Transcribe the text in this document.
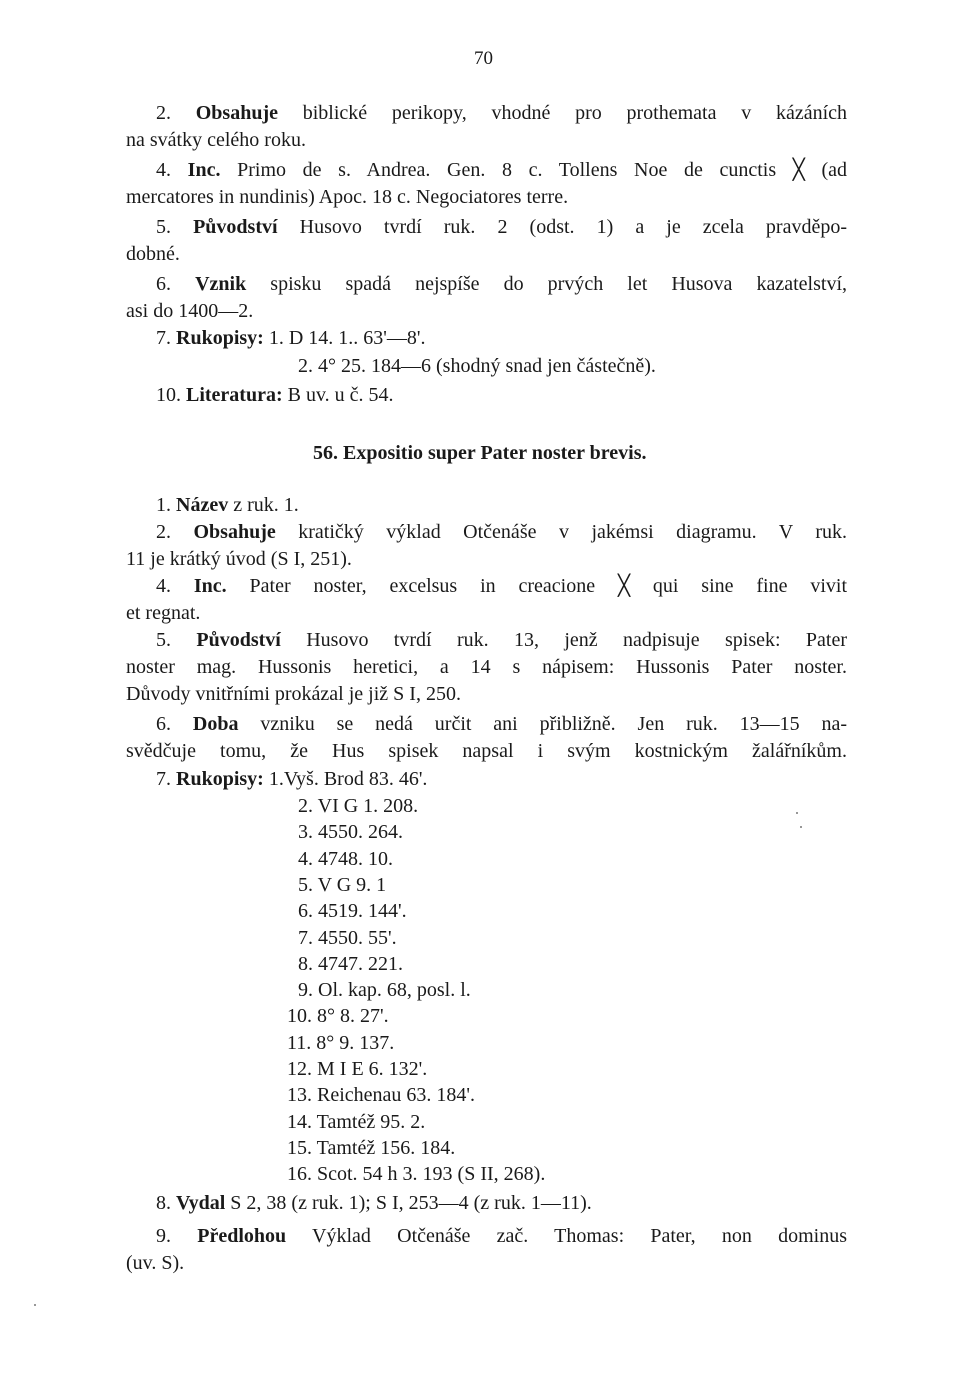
70
2. Obsahuje biblické perikopy, vhodné pro prothemata v kázáních
na svátky celého roku.
4. Inc. Primo de s. Andrea. Gen. 8 c. Tollens Noe de cunctis ╳ (ad
mercatores in nundinis) Apoc. 18 c. Negociatores terre.
5. Původství Husovo tvrdí ruk. 2 (odst. 1) a je zcela pravděpo-
dobné.
6. Vznik spisku spadá nejspíše do prvých let Husova kazatelství,
asi do 1400—2.
7. Rukopisy: 1. D 14. 1.. 63'—8'.
2. 4° 25. 184—6 (shodný snad jen částečně).
10. Literatura: B uv. u č. 54.
56. Expositio super Pater noster brevis.
1. Název z ruk. 1.
2. Obsahuje kratičký výklad Otčenáše v jakémsi diagramu. V ruk.
11 je krátký úvod (S I, 251).
4. Inc. Pater noster, excelsus in creacione ╳ qui sine fine vivit
et regnat.
5. Původství Husovo tvrdí ruk. 13, jenž nadpisuje spisek: Pater
noster mag. Hussonis heretici, a 14 s nápisem: Hussonis Pater noster.
Důvody vnitřními prokázal je již S I, 250.
6. Doba vzniku se nedá určit ani přibližně. Jen ruk. 13—15 na-
svědčuje tomu, že Hus spisek napsal i svým kostnickým žalářníkům.
7. Rukopisy: 1.Vyš. Brod 83. 46'.
2. VI G 1. 208.
3. 4550. 264.
4. 4748. 10.
5. V G 9. 1
6. 4519. 144'.
7. 4550. 55'.
8. 4747. 221.
9. Ol. kap. 68, posl. l.
10. 8° 8. 27'.
11. 8° 9. 137.
12. M I E 6. 132'.
13. Reichenau 63. 184'.
14. Tamtéž 95. 2.
15. Tamtéž 156. 184.
16. Scot. 54 h 3. 193 (S II, 268).
8. Vydal S 2, 38 (z ruk. 1); S I, 253—4 (z ruk. 1—11).
9. Předlohou Výklad Otčenáše zač. Thomas: Pater, non dominus
(uv. S).
